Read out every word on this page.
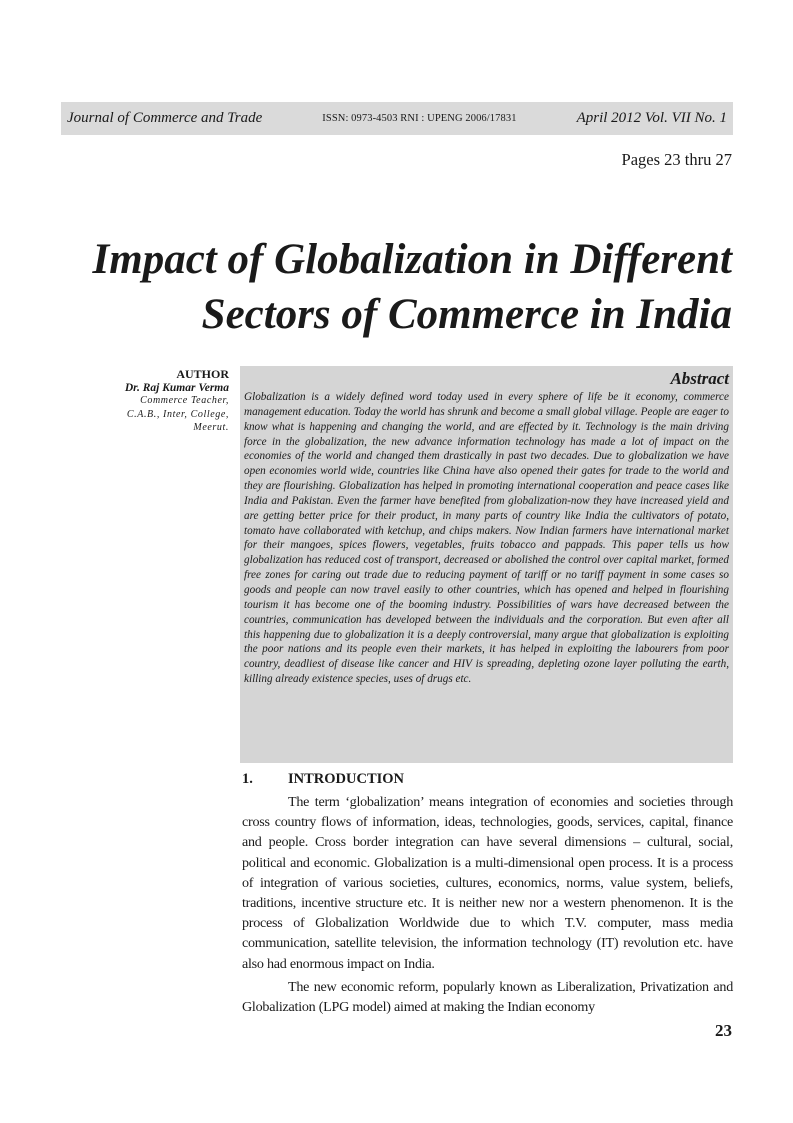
Journal of Commerce and Trade	ISSN: 0973-4503 RNI : UPENG 2006/17831	April 2012 Vol. VII No. 1
Pages 23 thru 27
Impact of Globalization in Different
Sectors of Commerce in India
AUTHOR
Dr. Raj Kumar Verma
Commerce Teacher,
C.A.B., Inter, College,
Meerut.
Abstract

Globalization is a widely defined word today used in every sphere of life be it economy, commerce management education. Today the world has shrunk and become a small global village. People are eager to know what is happening and changing the world, and are effected by it. Technology is the main driving force in the globalization, the new advance information technology has made a lot of impact on the economies of the world and changed them drastically in past two decades. Due to globalization we have open economies world wide, countries like China have also opened their gates for trade to the world and they are flourishing. Globalization has helped in promoting international cooperation and peace cases like India and Pakistan. Even the farmer have benefited from globalization-now they have increased yield and are getting better price for their product, in many parts of country like India the cultivators of potato, tomato have collaborated with ketchup, and chips makers. Now Indian farmers have international market for their mangoes, spices flowers, vegetables, fruits tobacco and pappads. This paper tells us how globalization has reduced cost of transport, decreased or abolished the control over capital market, formed free zones for caring out trade due to reducing payment of tariff or no tariff payment in some cases so goods and people can now travel easily to other countries, which has opened and helped in flourishing tourism it has become one of the booming industry. Possibilities of wars have decreased between the countries, communication has developed between the individuals and the corporation. But even after all this happening due to globalization it is a deeply controversial, many argue that globalization is exploiting the poor nations and its people even their markets, it has helped in exploiting the labourers from poor country, deadliest of disease like cancer and HIV is spreading, depleting ozone layer polluting the earth, killing already existence species, uses of drugs etc.

1.	INTRODUCTION

The term ‘globalization’ means integration of economies and societies through cross country flows of information, ideas, technologies, goods, services, capital, finance and people. Cross border integration can have several dimensions – cultural, social, political and economic. Globalization is a multi-dimensional open process. It is a process of integration of various societies, cultures, economics, norms, value system, beliefs, traditions, incentive structure etc. It is neither new nor a western phenomenon. It is the process of Globalization Worldwide due to which T.V. computer, mass media communication, satellite television, the information technology (IT) revolution etc. have also had enormous impact on India.

The new economic reform, popularly known as Liberalization, Privatization and Globalization (LPG model) aimed at making the Indian economy

23
